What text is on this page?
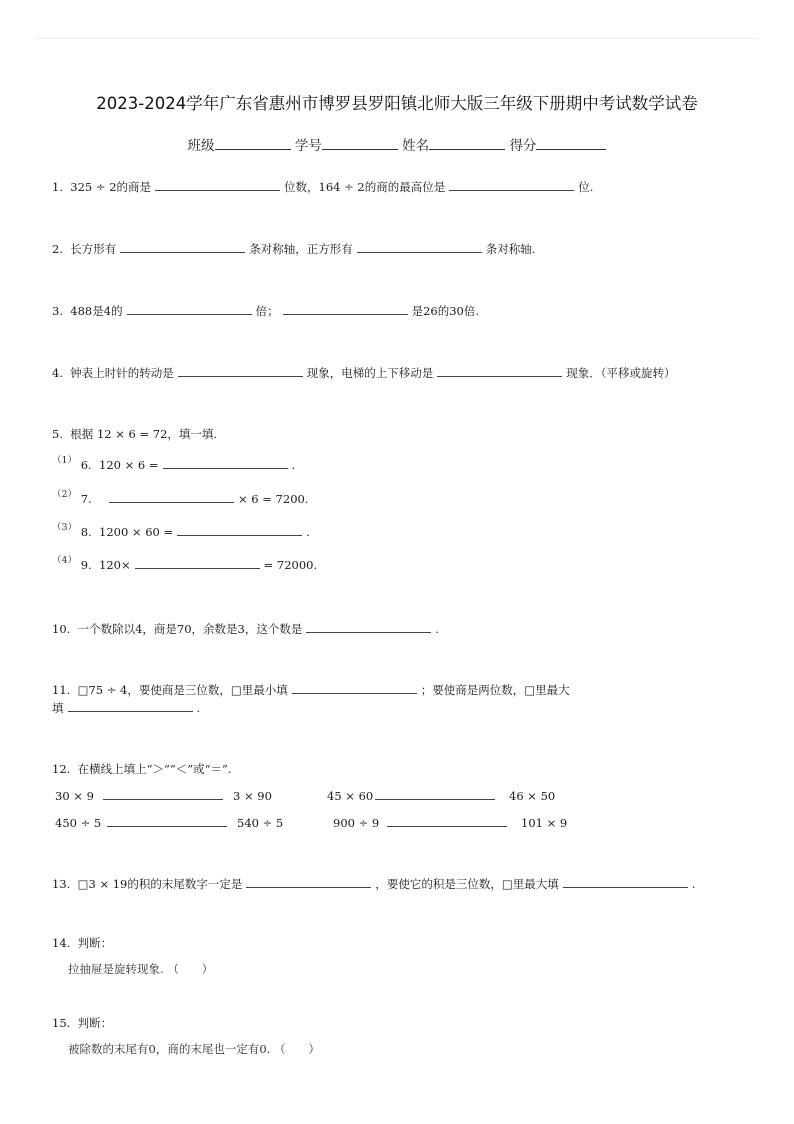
2023-2024学年广东省惠州市博罗县罗阳镇北师大版三年级下册期中考试数学试卷
班级	学号	姓名	得分
1. 325 ÷ 2的商是	位数，164 ÷ 2的商的最高位是	位.
2. 长方形有	条对称轴，正方形有	条对称轴.
3. 488是4的	倍；	是26的30倍.
4. 钟表上时针的转动是	现象，电梯的上下移动是	现象．（平移或旋转）
5. 根据 12 × 6 = 72，填一填.
$^{(1)}$ 6. 120 × 6 =	.
$^{(2)}$ 7.	× 6 = 7200.
$^{(3)}$ 8. 1200 × 60 =	.
$^{(4)}$ 9. 120×	= 72000.
10. 一个数除以4，商是70，余数是3，这个数是	.
11. □75 ÷ 4，要使商是三位数，□里最小填	；要使商是两位数，□里最大
填	.
12. 在横线上填上“＞”“＜”或“＝”.
30 × 9	3 × 90	45 × 60	46 × 50
450 ÷ 5	540 ÷ 5	900 ÷ 9	101 × 9
13. □3 × 19的积的末尾数字一定是	，要使它的积是三位数，□里最大填	.
14. 判断：
拉抽屉是旋转现象. （　　）
15. 判断：
被除数的末尾有0，商的末尾也一定有0. （　　）
